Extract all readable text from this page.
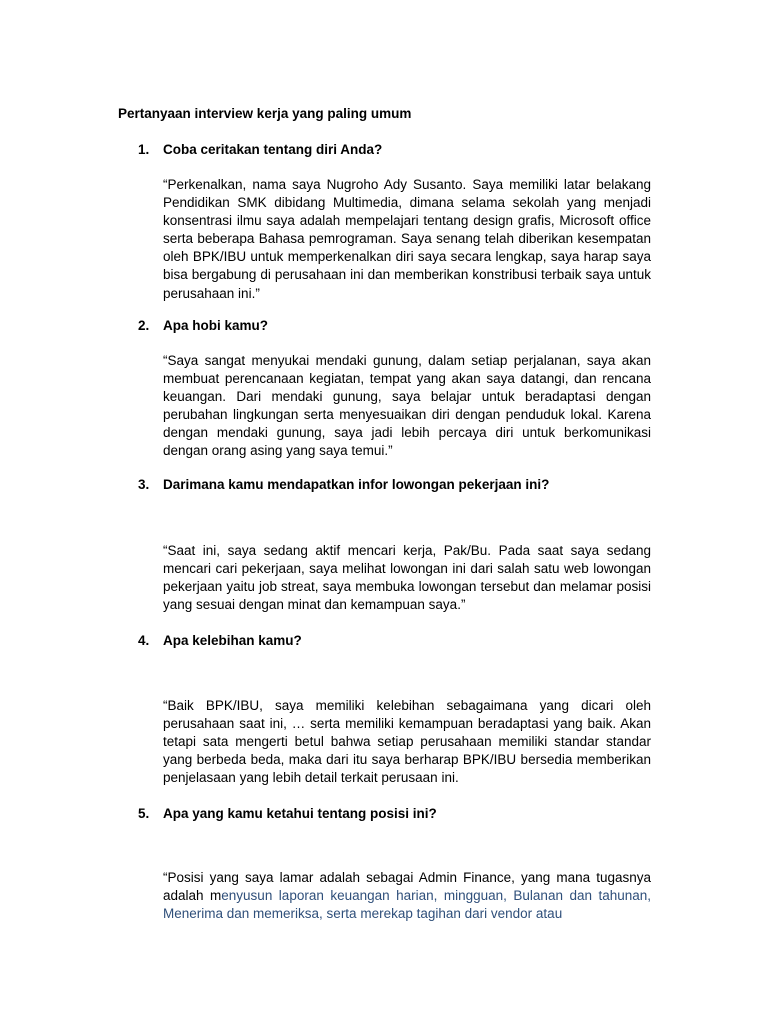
Pertanyaan interview kerja yang paling umum
1. Coba ceritakan tentang diri Anda?

“Perkenalkan, nama saya Nugroho Ady Susanto. Saya memiliki latar belakang Pendidikan SMK dibidang Multimedia, dimana selama sekolah yang menjadi konsentrasi ilmu saya adalah mempelajari tentang design grafis, Microsoft office serta beberapa Bahasa pemrograman. Saya senang telah diberikan kesempatan oleh BPK/IBU untuk memperkenalkan diri saya secara lengkap, saya harap saya bisa bergabung di perusahaan ini dan memberikan konstribusi terbaik saya untuk perusahaan ini.”

2. Apa hobi kamu?

“Saya sangat menyukai mendaki gunung, dalam setiap perjalanan, saya akan membuat perencanaan kegiatan, tempat yang akan saya datangi, dan rencana keuangan. Dari mendaki gunung, saya belajar untuk beradaptasi dengan perubahan lingkungan serta menyesuaikan diri dengan penduduk lokal. Karena dengan mendaki gunung, saya jadi lebih percaya diri untuk berkomunikasi dengan orang asing yang saya temui.”

3. Darimana kamu mendapatkan infor lowongan pekerjaan ini?

“Saat ini, saya sedang aktif mencari kerja, Pak/Bu. Pada saat saya sedang mencari cari pekerjaan, saya melihat lowongan ini dari salah satu web lowongan pekerjaan yaitu job streat, saya membuka lowongan tersebut dan melamar posisi yang sesuai dengan minat dan kemampuan saya.”

4. Apa kelebihan kamu?

“Baik BPK/IBU, saya memiliki kelebihan sebagaimana yang dicari oleh perusahaan saat ini, … serta memiliki kemampuan beradaptasi yang baik. Akan tetapi sata mengerti betul bahwa setiap perusahaan memiliki standar standar yang berbeda beda, maka dari itu saya berharap BPK/IBU bersedia memberikan penjelasaan yang lebih detail terkait perusaan ini.

5. Apa yang kamu ketahui tentang posisi ini?

“Posisi yang saya lamar adalah sebagai Admin Finance, yang mana tugasnya adalah menyusun laporan keuangan harian, mingguan, Bulanan dan tahunan, Menerima dan memeriksa, serta merekap tagihan dari vendor atau
